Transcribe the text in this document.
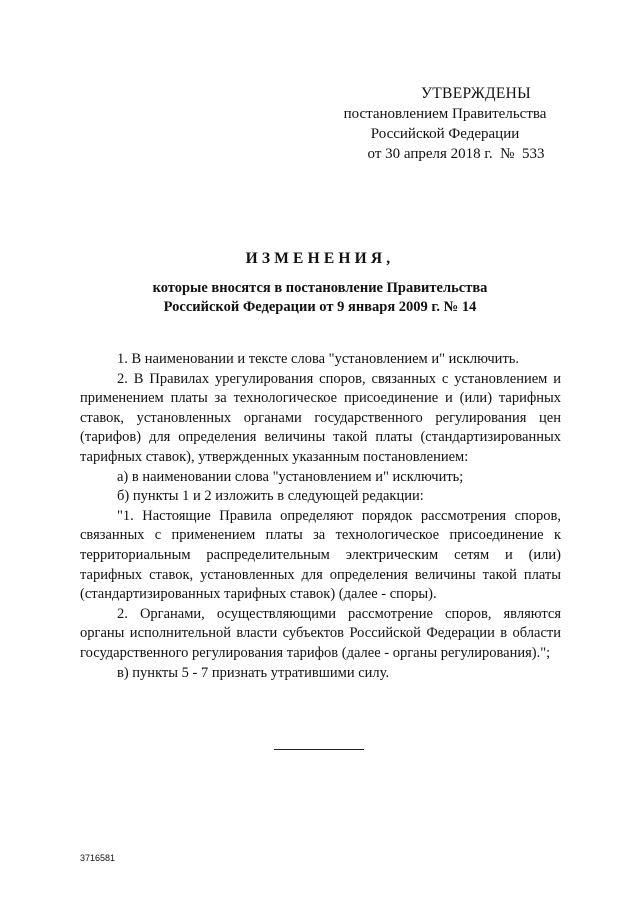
УТВЕРЖДЕНЫ
постановлением Правительства
Российской Федерации
от 30 апреля 2018 г.  №  533
ИЗМЕНЕНИЯ,
которые вносятся в постановление Правительства
Российской Федерации от 9 января 2009 г. № 14

1. В наименовании и тексте слова "установлением и" исключить.

2. В Правилах урегулирования споров, связанных с установлением и применением платы за технологическое присоединение и (или) тарифных ставок, установленных органами государственного регулирования цен (тарифов) для определения величины такой платы (стандартизированных тарифных ставок), утвержденных указанным постановлением:

а) в наименовании слова "установлением и" исключить;

б) пункты 1 и 2 изложить в следующей редакции:

"1. Настоящие Правила определяют порядок рассмотрения споров, связанных с применением платы за технологическое присоединение к территориальным распределительным электрическим сетям и (или) тарифных ставок, установленных для определения величины такой платы (стандартизированных тарифных ставок) (далее - споры).

2. Органами, осуществляющими рассмотрение споров, являются органы исполнительной власти субъектов Российской Федерации в области государственного регулирования тарифов (далее - органы регулирования).";

в) пункты 5 - 7 признать утратившими силу.

3716581
